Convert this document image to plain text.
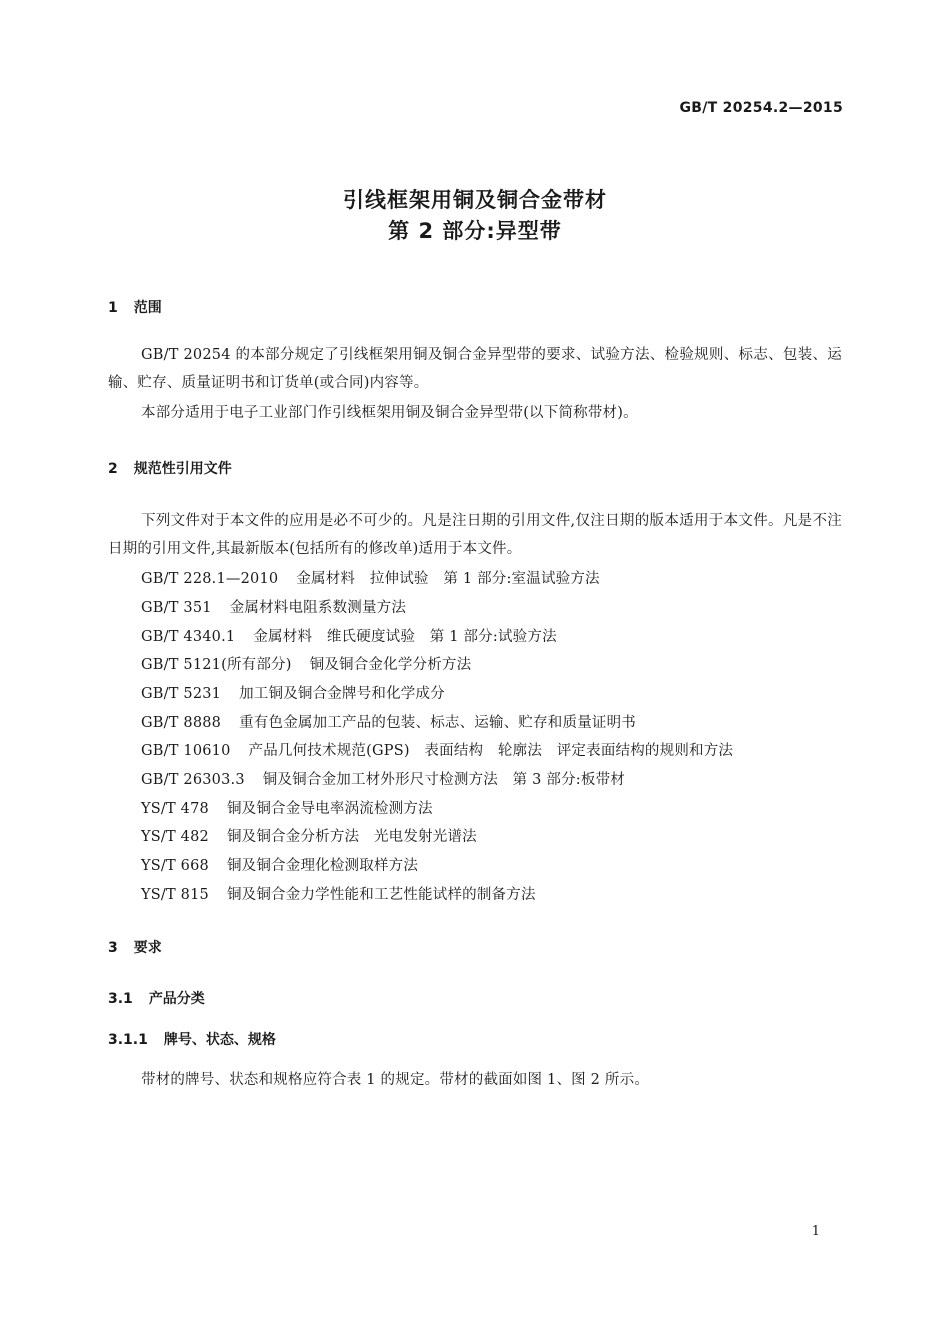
GB/T 20254.2—2015
引线框架用铜及铜合金带材
第 2 部分:异型带
1 范围
GB/T 20254 的本部分规定了引线框架用铜及铜合金异型带的要求、试验方法、检验规则、标志、包装、运输、贮存、质量证明书和订货单(或合同)内容等。
本部分适用于电子工业部门作引线框架用铜及铜合金异型带(以下简称带材)。
2 规范性引用文件
下列文件对于本文件的应用是必不可少的。凡是注日期的引用文件,仅注日期的版本适用于本文件。凡是不注日期的引用文件,其最新版本(包括所有的修改单)适用于本文件。
GB/T 228.1—2010 金属材料　拉伸试验　第 1 部分:室温试验方法
GB/T 351 金属材料电阻系数测量方法
GB/T 4340.1 金属材料　维氏硬度试验　第 1 部分:试验方法
GB/T 5121(所有部分) 铜及铜合金化学分析方法
GB/T 5231 加工铜及铜合金牌号和化学成分
GB/T 8888 重有色金属加工产品的包装、标志、运输、贮存和质量证明书
GB/T 10610 产品几何技术规范(GPS)　表面结构　轮廓法　评定表面结构的规则和方法
GB/T 26303.3 铜及铜合金加工材外形尺寸检测方法　第 3 部分:板带材
YS/T 478 铜及铜合金导电率涡流检测方法
YS/T 482 铜及铜合金分析方法　光电发射光谱法
YS/T 668 铜及铜合金理化检测取样方法
YS/T 815 铜及铜合金力学性能和工艺性能试样的制备方法
3 要求
3.1 产品分类
3.1.1 牌号、状态、规格
带材的牌号、状态和规格应符合表 1 的规定。带材的截面如图 1、图 2 所示。
1
